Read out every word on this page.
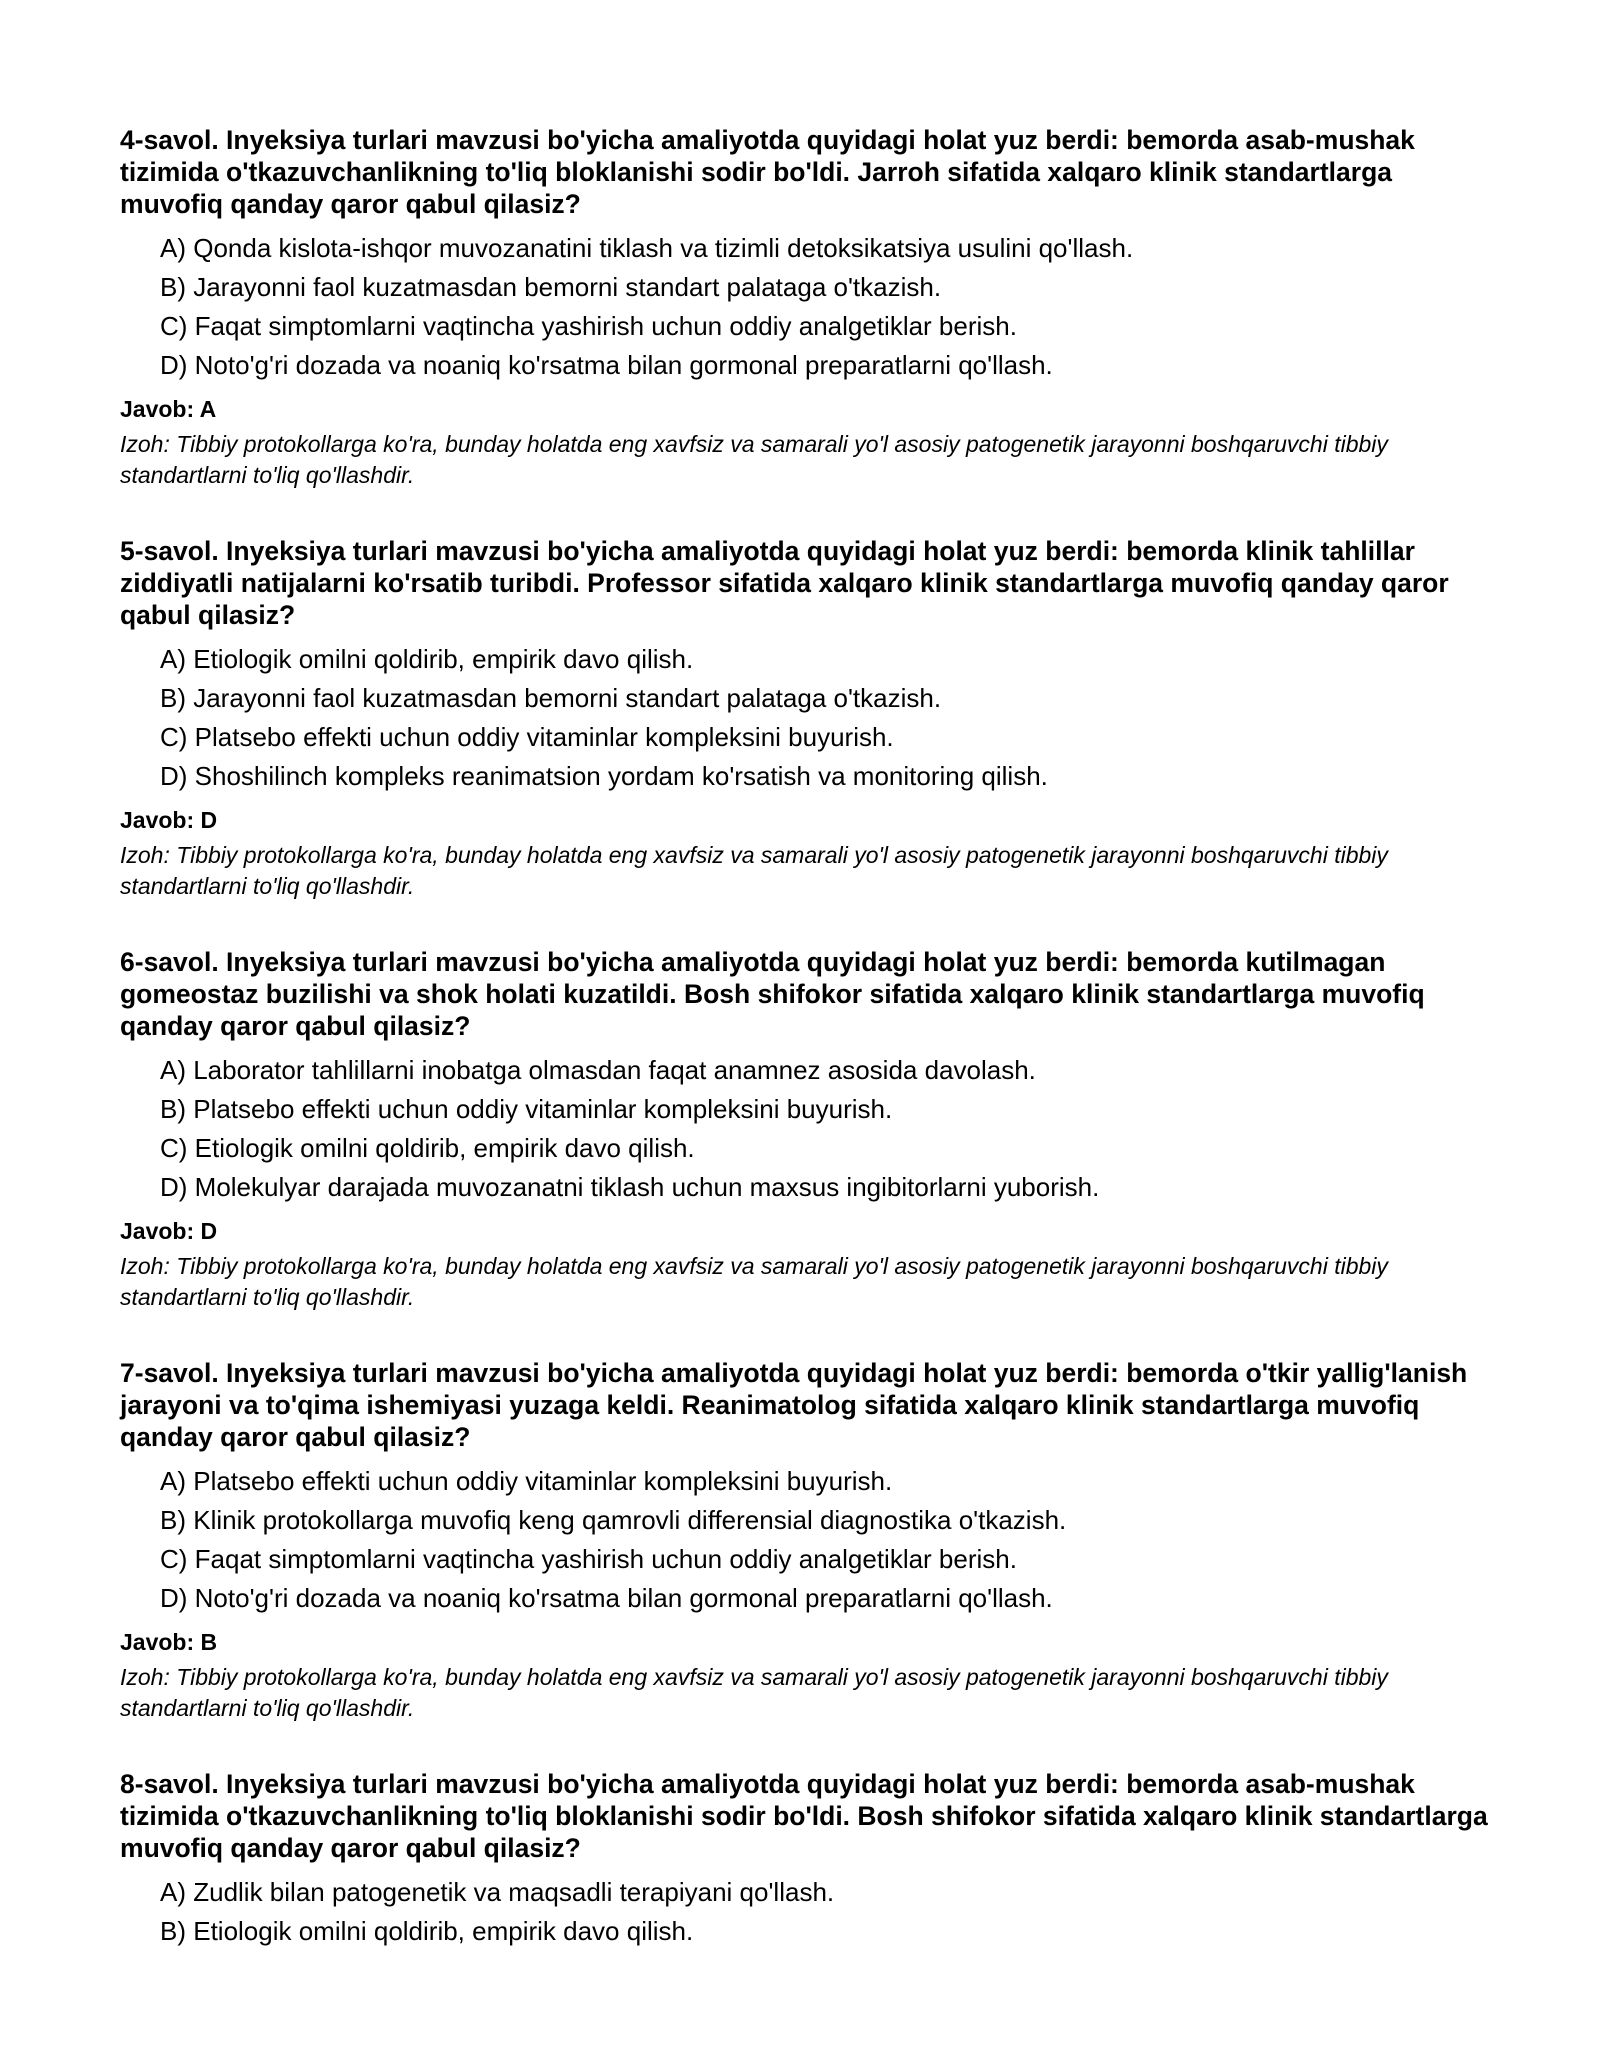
4-savol. Inyeksiya turlari mavzusi bo'yicha amaliyotda quyidagi holat yuz berdi: bemorda asab-mushak tizimida o'tkazuvchanlikning to'liq bloklanishi sodir bo'ldi. Jarroh sifatida xalqaro klinik standartlarga muvofiq qanday qaror qabul qilasiz?

A) Qonda kislota-ishqor muvozanatini tiklash va tizimli detoksikatsiya usulini qo'llash.
B) Jarayonni faol kuzatmasdan bemorni standart palataga o'tkazish.
C) Faqat simptomlarni vaqtincha yashirish uchun oddiy analgetiklar berish.
D) Noto'g'ri dozada va noaniq ko'rsatma bilan gormonal preparatlarni qo'llash.

Javob: A

Izoh: Tibbiy protokollarga ko'ra, bunday holatda eng xavfsiz va samarali yo'l asosiy patogenetik jarayonni boshqaruvchi tibbiy standartlarni to'liq qo'llashdir.

5-savol. Inyeksiya turlari mavzusi bo'yicha amaliyotda quyidagi holat yuz berdi: bemorda klinik tahlillar ziddiyatli natijalarni ko'rsatib turibdi. Professor sifatida xalqaro klinik standartlarga muvofiq qanday qaror qabul qilasiz?

A) Etiologik omilni qoldirib, empirik davo qilish.
B) Jarayonni faol kuzatmasdan bemorni standart palataga o'tkazish.
C) Platsebo effekti uchun oddiy vitaminlar kompleksini buyurish.
D) Shoshilinch kompleks reanimatsion yordam ko'rsatish va monitoring qilish.

Javob: D

Izoh: Tibbiy protokollarga ko'ra, bunday holatda eng xavfsiz va samarali yo'l asosiy patogenetik jarayonni boshqaruvchi tibbiy standartlarni to'liq qo'llashdir.

6-savol. Inyeksiya turlari mavzusi bo'yicha amaliyotda quyidagi holat yuz berdi: bemorda kutilmagan gomeostaz buzilishi va shok holati kuzatildi. Bosh shifokor sifatida xalqaro klinik standartlarga muvofiq qanday qaror qabul qilasiz?

A) Laborator tahlillarni inobatga olmasdan faqat anamnez asosida davolash.
B) Platsebo effekti uchun oddiy vitaminlar kompleksini buyurish.
C) Etiologik omilni qoldirib, empirik davo qilish.
D) Molekulyar darajada muvozanatni tiklash uchun maxsus ingibitorlarni yuborish.

Javob: D

Izoh: Tibbiy protokollarga ko'ra, bunday holatda eng xavfsiz va samarali yo'l asosiy patogenetik jarayonni boshqaruvchi tibbiy standartlarni to'liq qo'llashdir.

7-savol. Inyeksiya turlari mavzusi bo'yicha amaliyotda quyidagi holat yuz berdi: bemorda o'tkir yallig'lanish jarayoni va to'qima ishemiyasi yuzaga keldi. Reanimatolog sifatida xalqaro klinik standartlarga muvofiq qanday qaror qabul qilasiz?

A) Platsebo effekti uchun oddiy vitaminlar kompleksini buyurish.
B) Klinik protokollarga muvofiq keng qamrovli differensial diagnostika o'tkazish.
C) Faqat simptomlarni vaqtincha yashirish uchun oddiy analgetiklar berish.
D) Noto'g'ri dozada va noaniq ko'rsatma bilan gormonal preparatlarni qo'llash.

Javob: B

Izoh: Tibbiy protokollarga ko'ra, bunday holatda eng xavfsiz va samarali yo'l asosiy patogenetik jarayonni boshqaruvchi tibbiy standartlarni to'liq qo'llashdir.

8-savol. Inyeksiya turlari mavzusi bo'yicha amaliyotda quyidagi holat yuz berdi: bemorda asab-mushak tizimida o'tkazuvchanlikning to'liq bloklanishi sodir bo'ldi. Bosh shifokor sifatida xalqaro klinik standartlarga muvofiq qanday qaror qabul qilasiz?

A) Zudlik bilan patogenetik va maqsadli terapiyani qo'llash.
B) Etiologik omilni qoldirib, empirik davo qilish.
